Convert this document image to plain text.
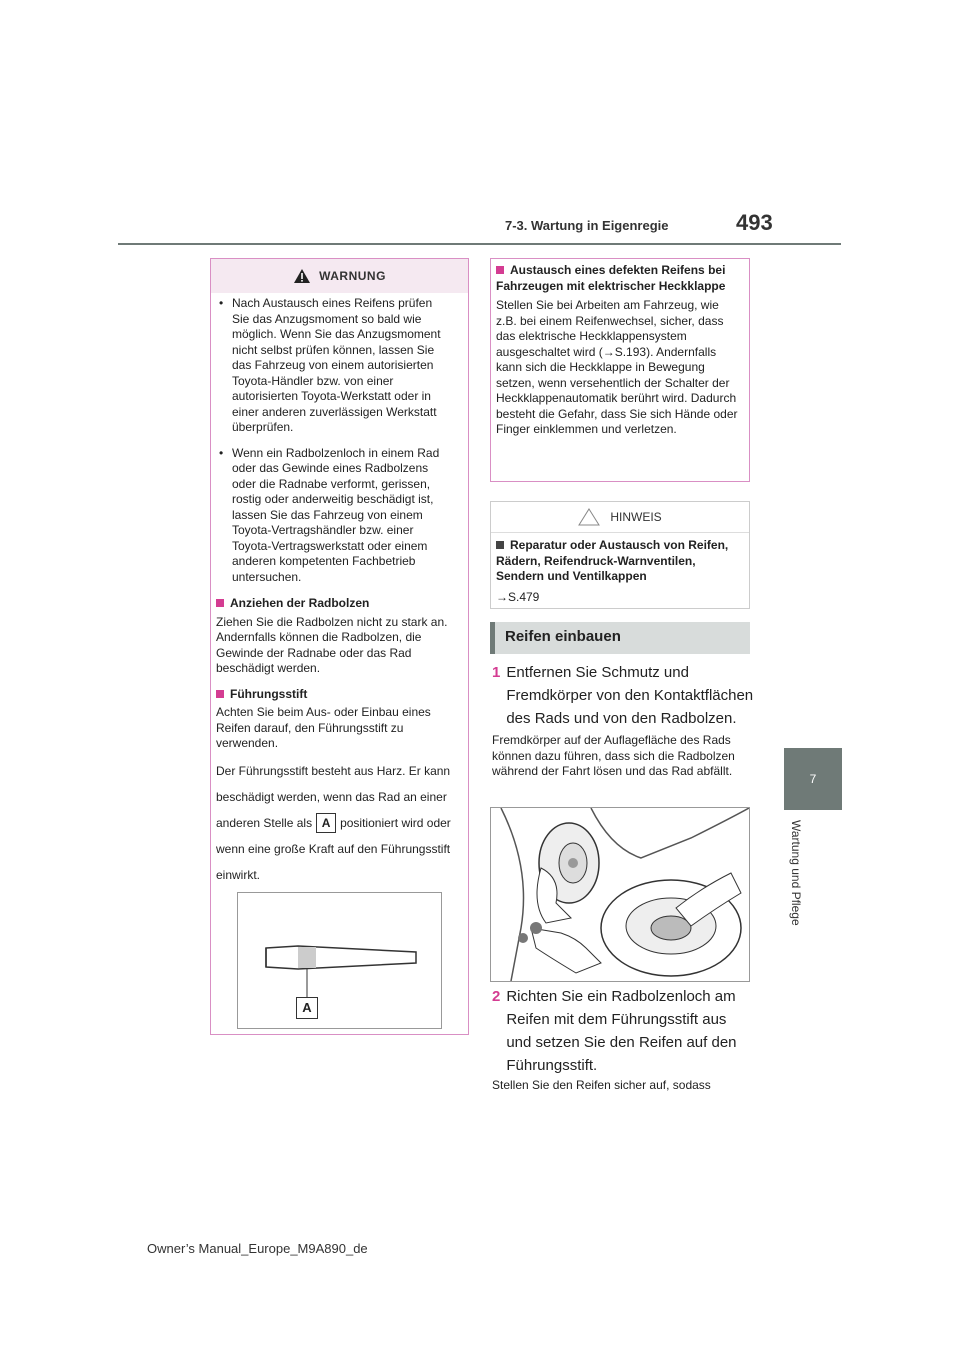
7-3. Wartung in Eigenregie	493
7
Wartung und Pflege
WARNUNG
• Nach Austausch eines Reifens prüfen Sie das Anzugsmoment so bald wie möglich. Wenn Sie das Anzugsmoment nicht selbst prüfen können, lassen Sie das Fahrzeug von einem autorisierten Toyota-Händler bzw. von einer autorisierten Toyota-Werkstatt oder in einer anderen zuverlässigen Werkstatt überprüfen.
• Wenn ein Radbolzenloch in einem Rad oder das Gewinde eines Radbolzens oder die Radnabe verformt, gerissen, rostig oder anderweitig beschädigt ist, lassen Sie das Fahrzeug von einem Toyota-Vertragshändler bzw. einer Toyota-Vertragswerkstatt oder einem anderen kompetenten Fachbetrieb untersuchen.
Anziehen der Radbolzen
Ziehen Sie die Radbolzen nicht zu stark an.
Andernfalls können die Radbolzen, die Gewinde der Radnabe oder das Rad beschädigt werden.
Führungsstift
Achten Sie beim Aus- oder Einbau eines Reifen darauf, den Führungsstift zu verwenden.
Der Führungsstift besteht aus Harz. Er kann beschädigt werden, wenn das Rad an einer anderen Stelle als A positioniert wird oder wenn eine große Kraft auf den Führungsstift einwirkt.
A
Austausch eines defekten Reifens bei Fahrzeugen mit elektrischer Heckklappe
Stellen Sie bei Arbeiten am Fahrzeug, wie z.B. bei einem Reifenwechsel, sicher, dass das elektrische Heckklappensystem ausgeschaltet wird (→S.193). Andernfalls kann sich die Heckklappe in Bewegung setzen, wenn versehentlich der Schalter der Heckklappenautomatik berührt wird. Dadurch besteht die Gefahr, dass Sie sich Hände oder Finger einklemmen und verletzen.
HINWEIS
Reparatur oder Austausch von Reifen, Rädern, Reifendruck-Warnventilen, Sendern und Ventilkappen
→S.479
Reifen einbauen
1 Entfernen Sie Schmutz und Fremdkörper von den Kontaktflächen des Rads und von den Radbolzen.
Fremdkörper auf der Auflagefläche des Rads können dazu führen, dass sich die Radbolzen während der Fahrt lösen und das Rad abfällt.
2 Richten Sie ein Radbolzenloch am Reifen mit dem Führungsstift aus und setzen Sie den Reifen auf den Führungsstift.
Stellen Sie den Reifen sicher auf, sodass
Owner’s Manual_Europe_M9A890_de
